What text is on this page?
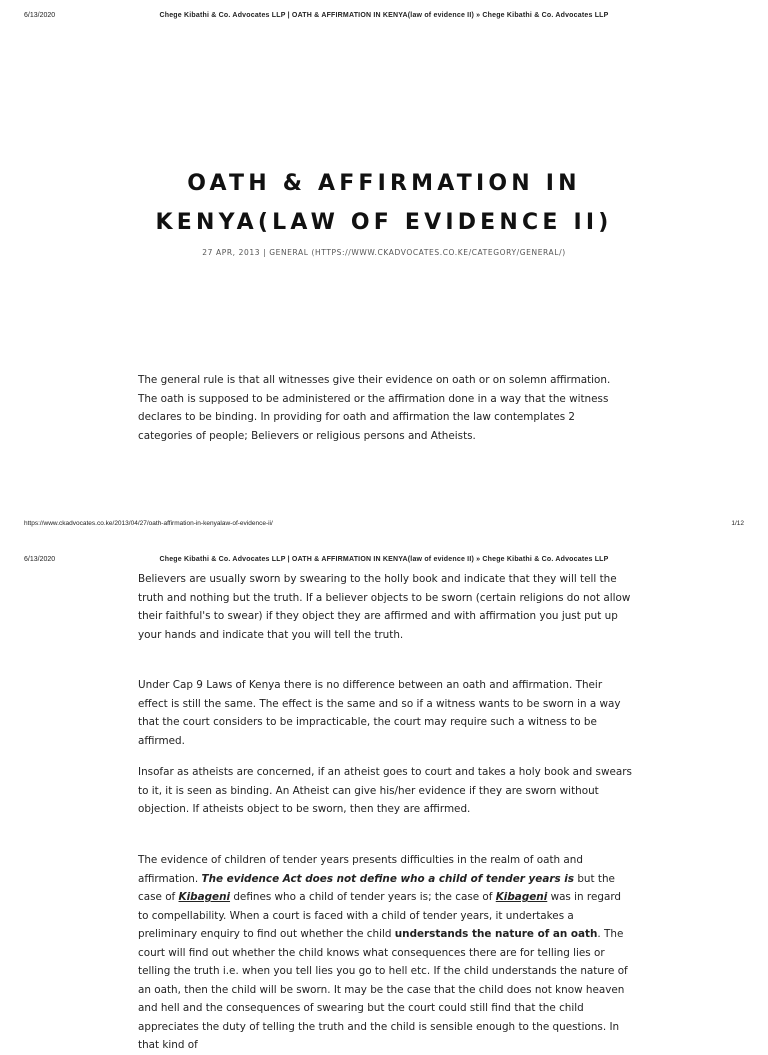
6/13/2020	Chege Kibathi & Co. Advocates LLP | OATH & AFFIRMATION IN KENYA(law of evidence II) » Chege Kibathi & Co. Advocates LLP
OATH & AFFIRMATION IN
KENYA(LAW OF EVIDENCE II)
27 APR, 2013 | GENERAL (HTTPS://WWW.CKADVOCATES.CO.KE/CATEGORY/GENERAL/)

The general rule is that all witnesses give their evidence on oath or on solemn affirmation. The oath is supposed to be administered or the affirmation done in a way that the witness declares to be binding. In providing for oath and affirmation the law contemplates 2 categories of people; Believers or religious persons and Atheists.

https://www.ckadvocates.co.ke/2013/04/27/oath-affirmation-in-kenyalaw-of-evidence-ii/	1/12
6/13/2020	Chege Kibathi & Co. Advocates LLP | OATH & AFFIRMATION IN KENYA(law of evidence II) » Chege Kibathi & Co. Advocates LLP

Believers are usually sworn by swearing to the holly book and indicate that they will tell the truth and nothing but the truth. If a believer objects to be sworn (certain religions do not allow their faithful's to swear) if they object they are affirmed and with affirmation you just put up your hands and indicate that you will tell the truth.

Under Cap 9 Laws of Kenya there is no difference between an oath and affirmation. Their effect is still the same. The effect is the same and so if a witness wants to be sworn in a way that the court considers to be impracticable, the court may require such a witness to be affirmed.

Insofar as atheists are concerned, if an atheist goes to court and takes a holy book and swears to it, it is seen as binding. An Atheist can give his/her evidence if they are sworn without objection. If atheists object to be sworn, then they are affirmed.

The evidence of children of tender years presents difficulties in the realm of oath and affirmation. The evidence Act does not define who a child of tender years is but the case of Kibageni defines who a child of tender years is; the case of Kibageni was in regard to compellability. When a court is faced with a child of tender years, it undertakes a preliminary enquiry to find out whether the child understands the nature of an oath. The court will find out whether the child knows what consequences there are for telling lies or telling the truth i.e. when you tell lies you go to hell etc. If the child understands the nature of an oath, then the child will be sworn. It may be the case that the child does not know heaven and hell and the consequences of swearing but the court could still find that the child appreciates the duty of telling the truth and the child is sensible enough to the questions. In that kind of
